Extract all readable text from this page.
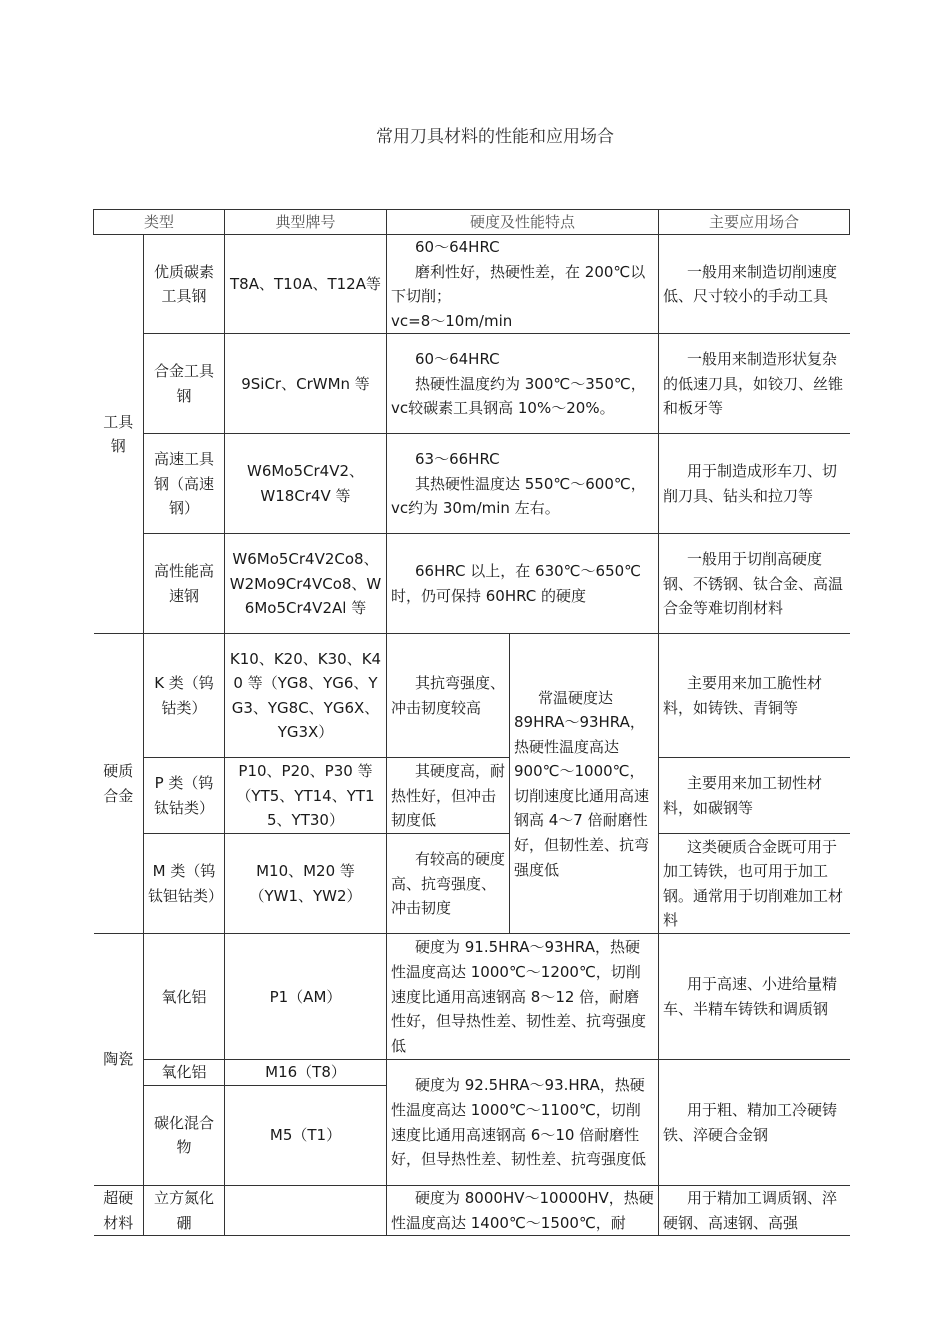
常用刀具材料的性能和应用场合
类型		典型牌号	硬度及性能特点		主要应用场合
工具钢	优质碳素工具钢	T8A、T10A、T12A等	60～64HRC
磨利性好，热硬性差，在 200℃以下切削；
vc=8～10m/min		一般用来制造切削速度低、尺寸较小的手动工具
	合金工具钢	9SiCr、CrWMn 等	60～64HRC
热硬性温度约为 300℃～350℃，
vc较碳素工具钢高 10%～20%。		一般用来制造形状复杂的低速刀具，如铰刀、丝锥和板牙等
	高速工具钢（高速钢）	W6Mo5Cr4V2、W18Cr4V 等	63～66HRC
其热硬性温度达 550℃～600℃，
vc约为 30m/min 左右。		用于制造成形车刀、切削刀具、钻头和拉刀等
	高性能高速钢	W6Mo5Cr4V2Co8、W2Mo9Cr4VCo8、W6Mo5Cr4V2Al 等	66HRC 以上，在 630℃～650℃时，仍可保持 60HRC 的硬度		一般用于切削高硬度钢、不锈钢、钛合金、高温合金等难切削材料
硬质合金	K 类（钨钴类）	K10、K20、K30、K40 等（YG8、YG6、YG3、YG8C、YG6X、YG3X）	其抗弯强度、冲击韧度较高	常温硬度达 89HRA～93HRA，热硬性温度高达 900℃～1000℃，切削速度比通用高速钢高 4～7 倍耐磨性好，但韧性差、抗弯强度低	主要用来加工脆性材料，如铸铁、青铜等
	P 类（钨钛钴类）	P10、P20、P30 等（YT5、YT14、YT15、YT30）	其硬度高，耐热性好，但冲击韧度低		主要用来加工韧性材料，如碳钢等
	M 类（钨钛钽钴类）	M10、M20 等（YW1、YW2）	有较高的硬度高、抗弯强度、冲击韧度		这类硬质合金既可用于加工铸铁，也可用于加工钢。通常用于切削难加工材料
陶瓷	氧化铝	P1（AM）	硬度为 91.5HRA～93HRA，热硬性温度高达 1000℃～1200℃，切削速度比通用高速钢高 8～12 倍，耐磨性好，但导热性差、韧性差、抗弯强度低		用于高速、小进给量精车、半精车铸铁和调质钢
	氧化铝	M16（T8）	硬度为 92.5HRA～93.HRA，热硬性温度高达 1000℃～1100℃，切削速度比通用高速钢高 6～10 倍耐磨性好，但导热性差、韧性差、抗弯强度低		用于粗、精加工冷硬铸铁、淬硬合金钢
	碳化混合物	M5（T1）			
超硬材料	立方氮化硼		硬度为 8000HV～10000HV，热硬性温度高达 1400℃～1500℃，耐		用于精加工调质钢、淬硬钢、高速钢、高强
